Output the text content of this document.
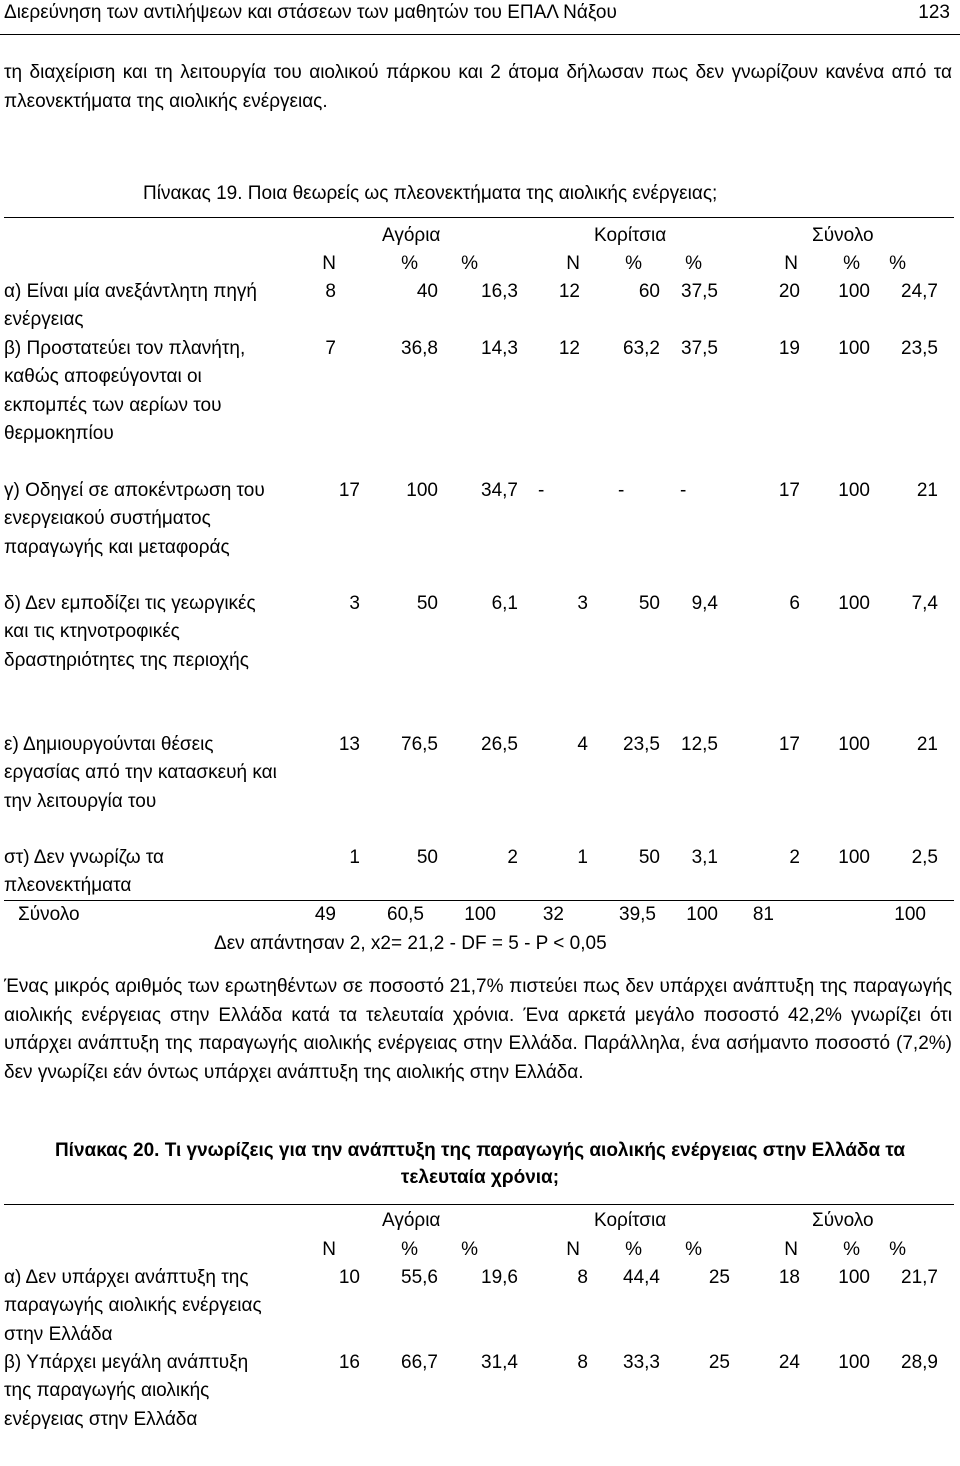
Διερεύνηση των αντιλήψεων και στάσεων των μαθητών του ΕΠΑΛ Νάξου	123
τη διαχείριση και τη λειτουργία του αιολικού πάρκου και 2 άτομα δήλωσαν πως δεν γνωρίζουν κανένα από τα πλεονεκτήματα της αιολικής ενέργειας.
Πίνακας 19. Ποια θεωρείς ως πλεονεκτήματα της αιολικής ενέργειας;
Αγόρια	Κορίτσια	Σύνολο
Ν	%	%	Ν	%	%	Ν	%	%
α) Είναι μία ανεξάντλητη πηγή ενέργειας
8	40	16,3	12	60	37,5	20	100	24,7
β) Προστατεύει τον πλανήτη, καθώς αποφεύγονται οι εκπομπές των αερίων του θερμοκηπίου
7	36,8	14,3	12	63,2	37,5	19	100	23,5
γ) Οδηγεί σε αποκέντρωση του ενεργειακού συστήματος παραγωγής και μεταφοράς
17	100	34,7 -	-	-	17	100	21
δ) Δεν εμποδίζει τις γεωργικές και τις κτηνοτροφικές δραστηριότητες της περιοχής
3	50	6,1	3	50	9,4	6	100	7,4
ε) Δημιουργούνται θέσεις εργασίας από την κατασκευή και την λειτουργία του
13	76,5	26,5	4	23,5	12,5	17	100	21
στ) Δεν γνωρίζω τα πλεονεκτήματα
1	50	2	1	50	3,1	2	100	2,5
Σύνολο	49	60,5	100	32	39,5	100	81	100
Δεν απάντησαν 2, x2= 21,2 - DF = 5 - P < 0,05
Ένας μικρός αριθμός των ερωτηθέντων σε ποσοστό 21,7% πιστεύει πως δεν υπάρχει ανάπτυξη της παραγωγής αιολικής ενέργειας στην Ελλάδα κατά τα τελευταία χρόνια. Ένα αρκετά μεγάλο ποσοστό 42,2% γνωρίζει ότι υπάρχει ανάπτυξη της παραγωγής αιολικής ενέργειας στην Ελλάδα. Παράλληλα, ένα ασήμαντο ποσοστό (7,2%) δεν γνωρίζει εάν όντως υπάρχει ανάπτυξη της αιολικής στην Ελλάδα.
Πίνακας 20. Τι γνωρίζεις για την ανάπτυξη της παραγωγής αιολικής ενέργειας στην Ελλάδα τα
τελευταία χρόνια;
Αγόρια	Κορίτσια	Σύνολο
Ν	%	%	Ν	%	%	Ν	%	%
α) Δεν υπάρχει ανάπτυξη της παραγωγής αιολικής ενέργειας στην Ελλάδα
10	55,6	19,6	8	44,4	25	18	100	21,7
β) Υπάρχει μεγάλη ανάπτυξη της παραγωγής αιολικής ενέργειας στην Ελλάδα
16	66,7	31,4	8	33,3	25	24	100	28,9
